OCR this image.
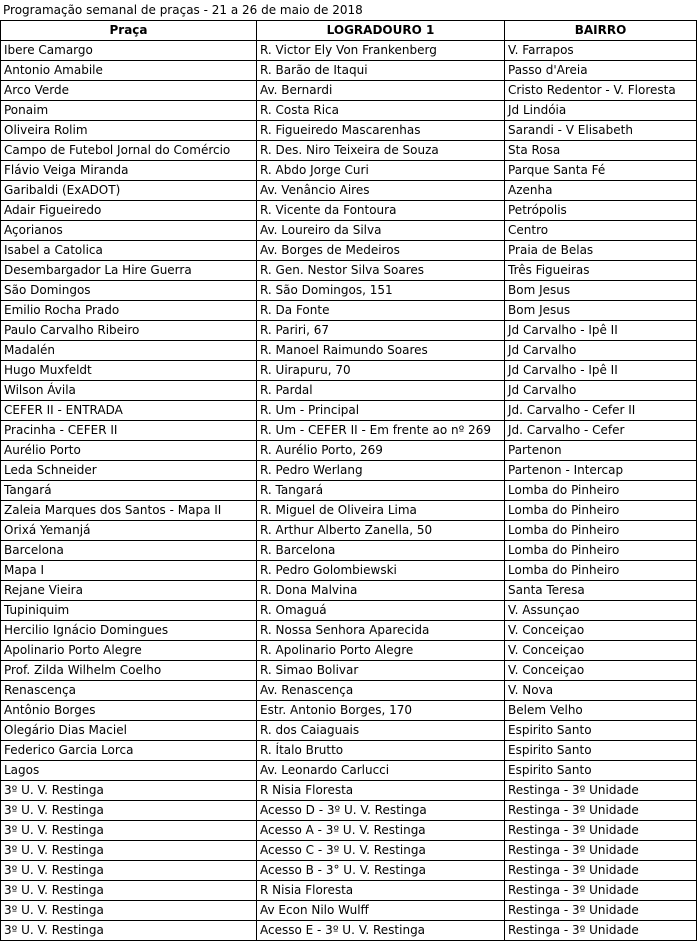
Programação semanal de praças - 21 a 26 de maio de 2018
Praça	LOGRADOURO 1	BAIRRO
Ibere Camargo	R. Victor Ely Von Frankenberg	V. Farrapos
Antonio Amabile	R. Barão de Itaqui	Passo d'Areia
Arco Verde	Av. Bernardi	Cristo Redentor - V. Floresta
Ponaim	R. Costa Rica	Jd Lindóia
Oliveira Rolim	R. Figueiredo Mascarenhas	Sarandi - V Elisabeth
Campo de Futebol Jornal do Comércio	R. Des. Niro Teixeira de Souza	Sta Rosa
Flávio Veiga Miranda	R. Abdo Jorge Curi	Parque Santa Fé
Garibaldi (ExADOT)	Av. Venâncio Aires	Azenha
Adair Figueiredo	R. Vicente da Fontoura	Petrópolis
Açorianos	Av. Loureiro da Silva	Centro
Isabel a Catolica	Av. Borges de Medeiros	Praia de Belas
Desembargador La Hire Guerra	R. Gen. Nestor Silva Soares	Três Figueiras
São Domingos	R. São Domingos, 151	Bom Jesus
Emilio Rocha Prado	R. Da Fonte	Bom Jesus
Paulo Carvalho Ribeiro	R. Pariri, 67	Jd Carvalho - Ipê II
Madalén	R. Manoel Raimundo Soares	Jd Carvalho
Hugo Muxfeldt	R. Uirapuru, 70	Jd Carvalho - Ipê II
Wilson Ávila	R. Pardal	Jd Carvalho
CEFER II - ENTRADA	R. Um - Principal	Jd. Carvalho - Cefer II
Pracinha - CEFER II	R. Um - CEFER II - Em frente ao nº 269	Jd. Carvalho - Cefer
Aurélio Porto	R. Aurélio Porto, 269	Partenon
Leda Schneider	R. Pedro Werlang	Partenon - Intercap
Tangará	R. Tangará	Lomba do Pinheiro
Zaleia Marques dos Santos - Mapa II	R. Miguel de Oliveira Lima	Lomba do Pinheiro
Orixá Yemanjá	R. Arthur Alberto Zanella, 50	Lomba do Pinheiro
Barcelona	R. Barcelona	Lomba do Pinheiro
Mapa I	R. Pedro Golombiewski	Lomba do Pinheiro
Rejane Vieira	R. Dona Malvina	Santa Teresa
Tupiniquim	R. Omaguá	V. Assunçao
Hercilio Ignácio Domingues	R. Nossa Senhora Aparecida	V. Conceiçao
Apolinario Porto Alegre	R. Apolinario Porto Alegre	V. Conceiçao
Prof. Zilda Wilhelm Coelho	R. Simao Bolivar	V. Conceiçao
Renascença	Av. Renascença	V. Nova
Antônio Borges	Estr. Antonio Borges, 170	Belem Velho
Olegário Dias Maciel	R. dos Caiaguais	Espirito Santo
Federico Garcia Lorca	R. Ítalo Brutto	Espirito Santo
Lagos	Av. Leonardo Carlucci	Espirito Santo
3º U. V. Restinga	R Nisia Floresta	Restinga - 3º Unidade
3º U. V. Restinga	Acesso D - 3º U. V. Restinga	Restinga - 3º Unidade
3º U. V. Restinga	Acesso A - 3º U. V. Restinga	Restinga - 3º Unidade
3º U. V. Restinga	Acesso C - 3º U. V. Restinga	Restinga - 3º Unidade
3º U. V. Restinga	Acesso B - 3° U. V. Restinga	Restinga - 3º Unidade
3º U. V. Restinga	R Nisia Floresta	Restinga - 3º Unidade
3º U. V. Restinga	Av Econ Nilo Wulff	Restinga - 3º Unidade
3º U. V. Restinga	Acesso E - 3º U. V. Restinga	Restinga - 3º Unidade
